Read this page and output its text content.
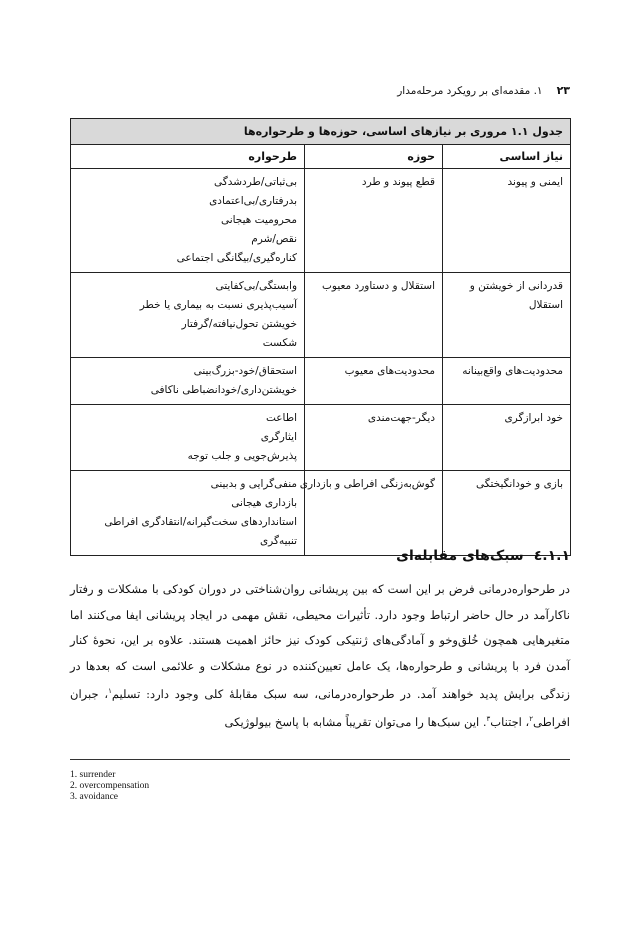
۲۳
۱. مقدمه‌ای بر رویکرد مرحله‌مدار
جدول ۱.۱ مروری بر نیازهای اساسی، حوزه‌ها و طرحواره‌ها		
نیاز اساسی	حوزه	طرحواره

ایمنی و پیوند	قطع پیوند و طرد	بی‌ثباتی/طردشدگی
بدرفتاری/بی‌اعتمادی
محرومیت هیجانی
نقص/شرم
کناره‌گیری/بیگانگی اجتماعی

قدردانی از خویشتن و
استقلال	استقلال و دستاورد معیوب	وابستگی/بی‌کفایتی
آسیب‌پذیری نسبت به بیماری یا خطر
خویشتن تحول‌نیافته/گرفتار
شکست

محدودیت‌های واقع‌بینانه	محدودیت‌های معیوب	استحقاق/خود-بزرگ‌بینی
خویشتن‌داری/خودانضباطی ناکافی

خود ابرازگری	دیگر-جهت‌مندی	اطاعت
ایثارگری
پذیرش‌جویی و جلب توجه

بازی و خودانگیختگی	گوش‌به‌زنگی افراطی و بازداری	منفی‌گرایی و بدبینی
بازداری هیجانی
استانداردهای سخت‌گیرانه/انتقادگری افراطی
تنبیه‌گری
۱.۱.٤سبک‌های مقابله‌ای
در طرحواره‌درمانی فرض بر این است که بین پریشانی روان‌شناختی در دوران کودکی با مشکلات و رفتار ناکارآمد در حال حاضر ارتباط وجود دارد. تأثیرات محیطی، نقش مهمی در ایجاد پریشانی ایفا می‌کنند اما متغیرهایی همچون خُلق‌وخو و آمادگی‌های ژنتیکی کودک نیز حائز اهمیت هستند. علاوه بر این، نحوهٔ کنار آمدن فرد با پریشانی و طرحواره‌ها، یک عامل تعیین‌کننده در نوع مشکلات و علائمی است که بعدها در زندگی برایش پدید خواهند آمد. در طرحواره‌درمانی، سه سبک مقابلهٔ کلی وجود دارد: تسلیم$^۱$، جبران افراطی$^۲$، اجتناب$^۳$. این سبک‌ها را می‌توان تقریباً مشابه با پاسخ بیولوژیکی
1. surrender
2. overcompensation
3. avoidance
